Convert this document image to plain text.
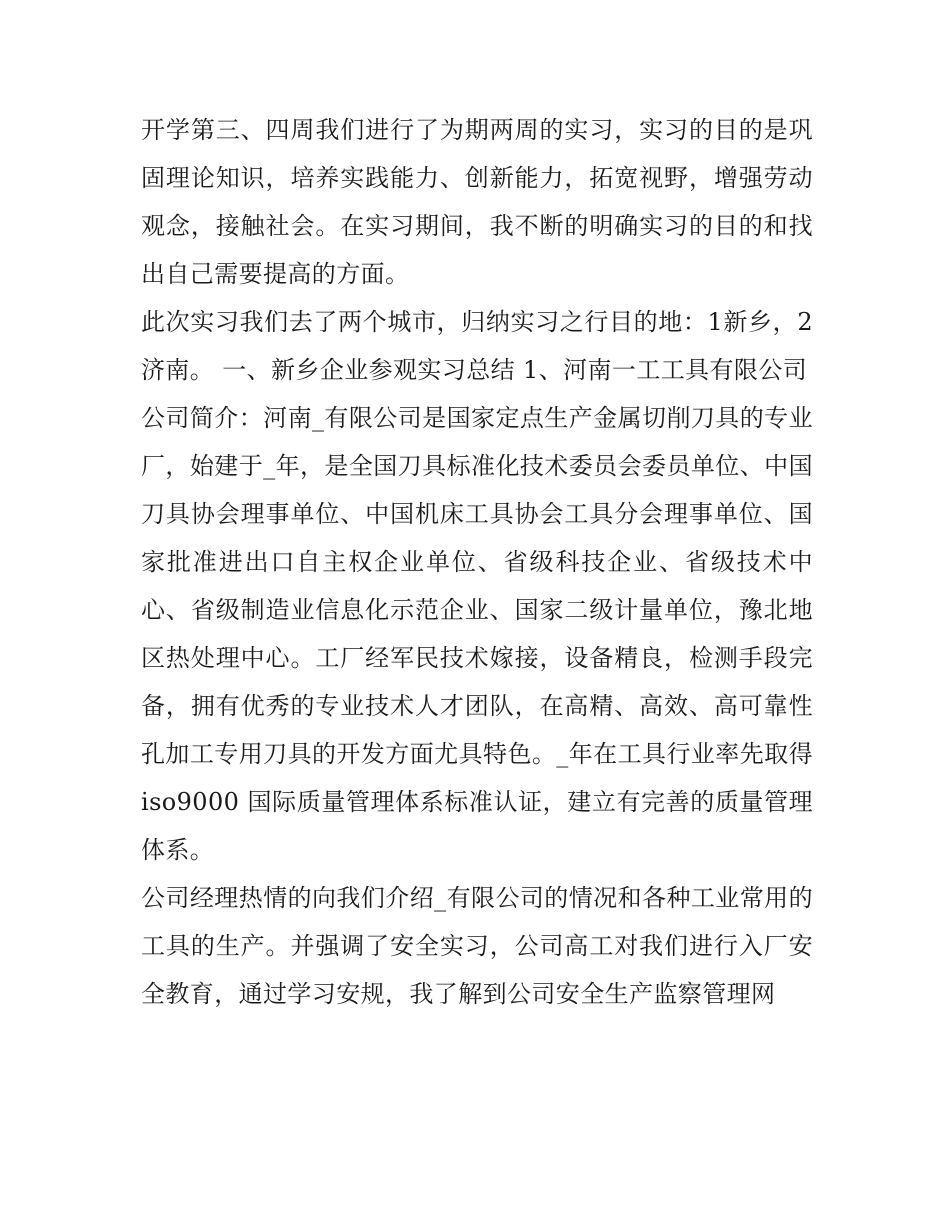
开学第三、四周我们进行了为期两周的实习，实习的目的是巩固理论知识，培养实践能力、创新能力，拓宽视野，增强劳动观念，接触社会。在实习期间，我不断的明确实习的目的和找出自己需要提高的方面。

此次实习我们去了两个城市，归纳实习之行目的地：1新乡，2济南。 一、新乡企业参观实习总结 1、河南一工工具有限公司

公司简介：河南_有限公司是国家定点生产金属切削刀具的专业厂，始建于_年，是全国刀具标准化技术委员会委员单位、中国刀具协会理事单位、中国机床工具协会工具分会理事单位、国家批准进出口自主权企业单位、省级科技企业、省级技术中心、省级制造业信息化示范企业、国家二级计量单位，豫北地区热处理中心。工厂经军民技术嫁接，设备精良，检测手段完备，拥有优秀的专业技术人才团队，在高精、高效、高可靠性孔加工专用刀具的开发方面尤具特色。_年在工具行业率先取得 iso9000 国际质量管理体系标准认证，建立有完善的质量管理体系。

公司经理热情的向我们介绍_有限公司的情况和各种工业常用的工具的生产。并强调了安全实习，公司高工对我们进行入厂安全教育，通过学习安规，我了解到公司安全生产监察管理网
